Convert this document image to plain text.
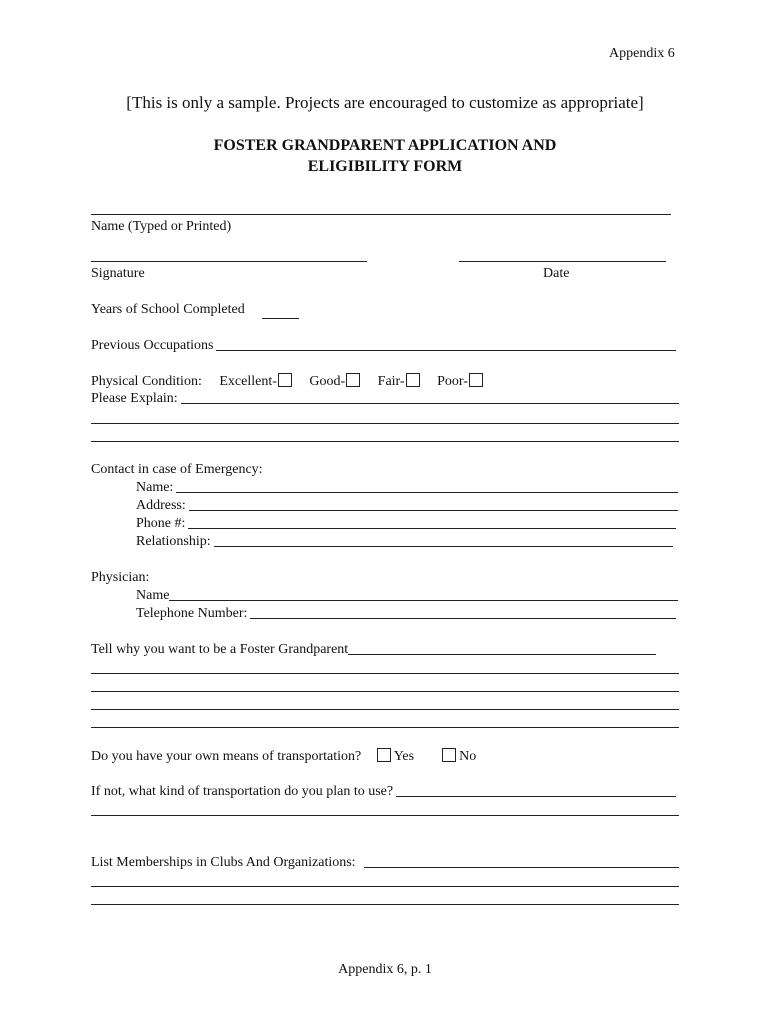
Appendix 6
[This is only a sample. Projects are encouraged to customize as appropriate]
FOSTER GRANDPARENT APPLICATION AND
ELIGIBILITY FORM
Name (Typed or Printed)
Signature	Date
Years of School Completed
Previous Occupations
Physical Condition: Excellent- Good- Fair- Poor-
Please Explain:
Contact in case of Emergency:
Name:
Address:
Phone #:
Relationship:
Physician:
Name
Telephone Number:
Tell why you want to be a Foster Grandparent
Do you have your own means of transportation? Yes	No
If not, what kind of transportation do you plan to use?
List Memberships in Clubs And Organizations:
Appendix 6, p. 1
